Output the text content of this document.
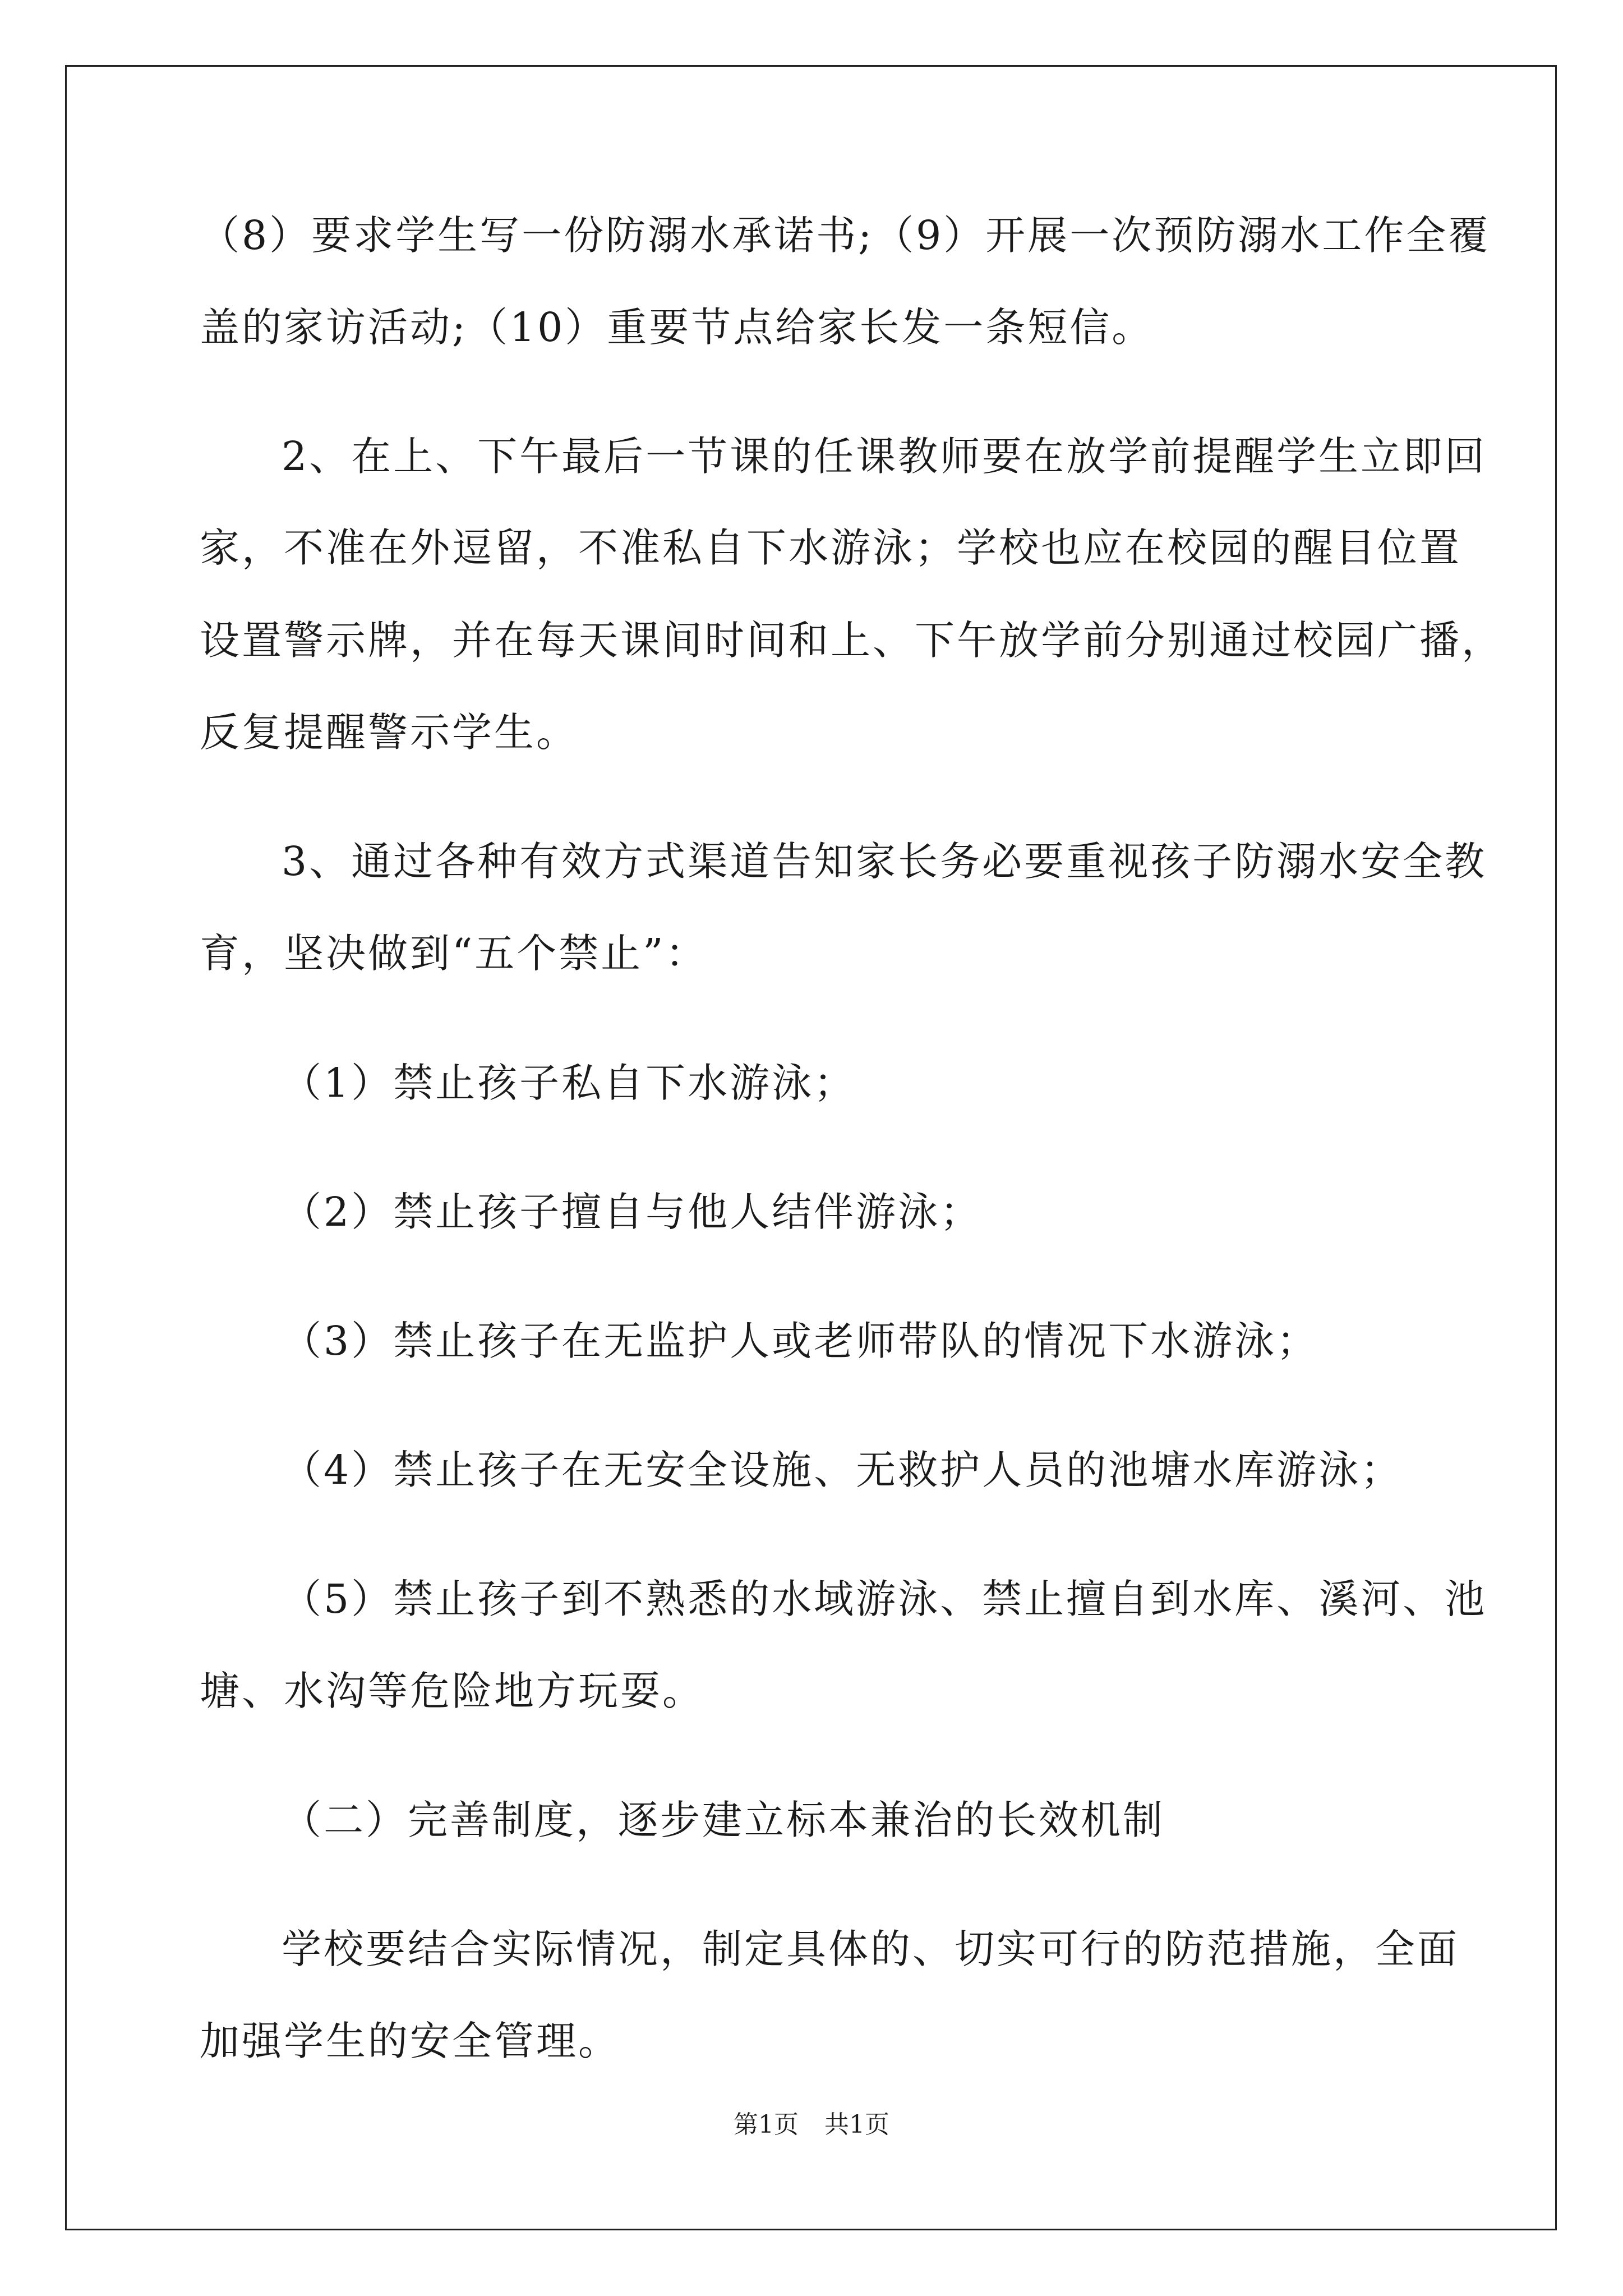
（8）要求学生写一份防溺水承诺书;（9）开展一次预防溺水工作全覆
盖的家访活动;（10）重要节点给家长发一条短信。
2、在上、下午最后一节课的任课教师要在放学前提醒学生立即回
家，不准在外逗留，不准私自下水游泳；学校也应在校园的醒目位置
设置警示牌，并在每天课间时间和上、下午放学前分别通过校园广播，
反复提醒警示学生。
3、通过各种有效方式渠道告知家长务必要重视孩子防溺水安全教
育，坚决做到“五个禁止”：
（1）禁止孩子私自下水游泳；
（2）禁止孩子擅自与他人结伴游泳；
（3）禁止孩子在无监护人或老师带队的情况下水游泳；
（4）禁止孩子在无安全设施、无救护人员的池塘水库游泳；
（5）禁止孩子到不熟悉的水域游泳、禁止擅自到水库、溪河、池
塘、水沟等危险地方玩耍。
（二）完善制度，逐步建立标本兼治的长效机制
学校要结合实际情况，制定具体的、切实可行的防范措施，全面
加强学生的安全管理。
第1页 共1页
